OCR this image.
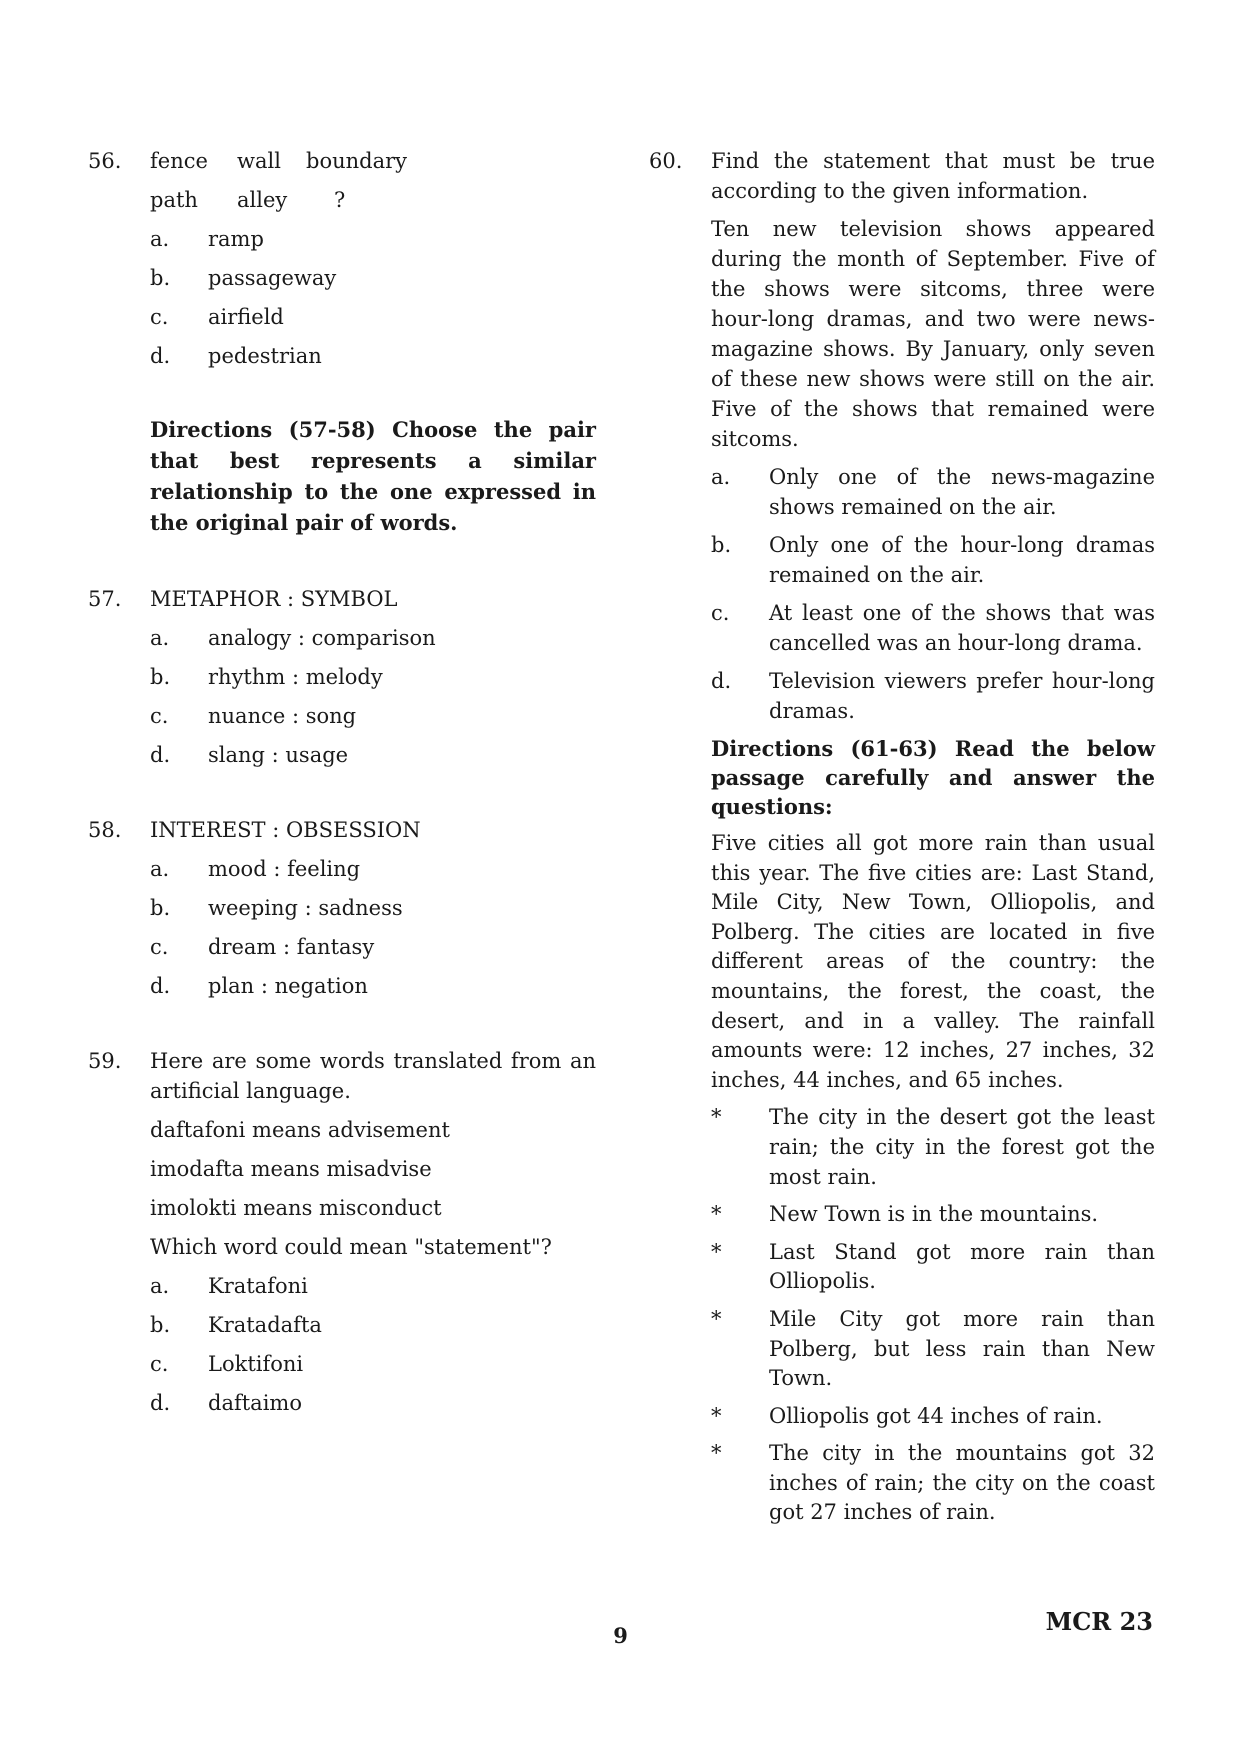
56. fence	wall	boundary
path	alley	?
a. ramp
b. passageway
c. airfield
d. pedestrian
Directions (57-58) Choose the pair that best represents a similar relationship to the one expressed in the original pair of words.
57. METAPHOR : SYMBOL
a. analogy : comparison
b. rhythm : melody
c. nuance : song
d. slang : usage
58. INTEREST : OBSESSION
a. mood : feeling
b. weeping : sadness
c. dream : fantasy
d. plan : negation
59. Here are some words translated from an artificial language.
daftafoni means advisement
imodafta means misadvise
imolokti means misconduct
Which word could mean "statement"?
a. Kratafoni
b. Kratadafta
c. Loktifoni
d. daftaimo
60. Find the statement that must be true according to the given information.
Ten new television shows appeared during the month of September. Five of the shows were sitcoms, three were hour-long dramas, and two were news-magazine shows. By January, only seven of these new shows were still on the air. Five of the shows that remained were sitcoms.
a. Only one of the news-magazine shows remained on the air.
b. Only one of the hour-long dramas remained on the air.
c. At least one of the shows that was cancelled was an hour-long drama.
d. Television viewers prefer hour-long dramas.
Directions (61-63) Read the below passage carefully and answer the questions:
Five cities all got more rain than usual this year. The five cities are: Last Stand, Mile City, New Town, Olliopolis, and Polberg. The cities are located in five different areas of the country: the mountains, the forest, the coast, the desert, and in a valley. The rainfall amounts were: 12 inches, 27 inches, 32 inches, 44 inches, and 65 inches.
* The city in the desert got the least rain; the city in the forest got the most rain.
* New Town is in the mountains.
* Last Stand got more rain than Olliopolis.
* Mile City got more rain than Polberg, but less rain than New Town.
* Olliopolis got 44 inches of rain.
* The city in the mountains got 32 inches of rain; the city on the coast got 27 inches of rain.
MCR 23
9
